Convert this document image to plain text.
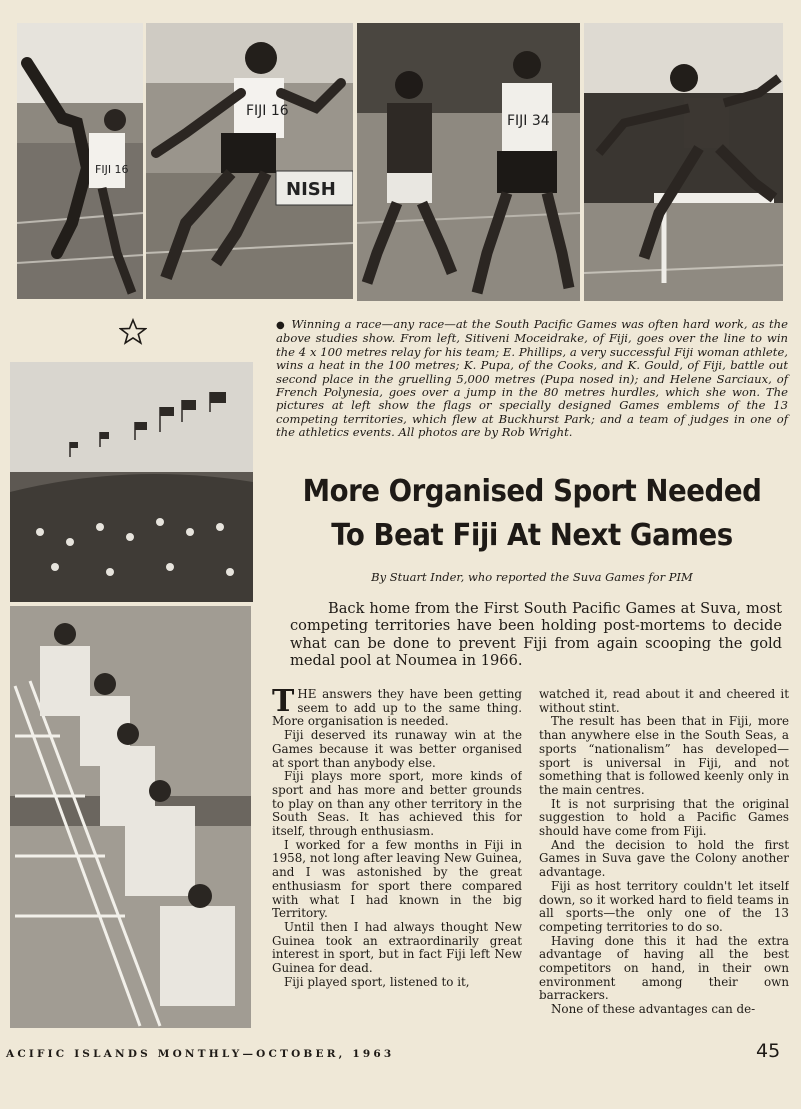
FIJI 16
NISH
FIJI 16
FIJI 34

● Winning a race—any race—at the South Pacific Games was often hard work, as the above studies show. From left, Sitiveni Moceidrake, of Fiji, goes over the line to win the 4 x 100 metres relay for his team; E. Phillips, a very successful Fiji woman athlete, wins a heat in the 100 metres; K. Pupa, of the Cooks, and K. Gould, of Fiji, battle out second place in the gruelling 5,000 metres (Pupa nosed in); and Helene Sarciaux, of French Polynesia, goes over a jump in the 80 metres hurdles, which she won. The pictures at left show the flags or specially designed Games emblems of the 13 competing territories, which flew at Buckhurst Park; and a team of judges in one of the athletics events. All photos are by Rob Wright.

More Organised Sport Needed
To Beat Fiji At Next Games

By Stuart Inder, who reported the Suva Games for PIM

Back home from the First South Pacific Games at Suva, most competing territories have been holding post-mortems to decide what can be done to prevent Fiji from again scooping the gold medal pool at Noumea in 1966.

THE answers they have been getting seem to add up to the same thing. More organisation is needed.

Fiji deserved its runaway win at the Games because it was better organised at sport than anybody else.

Fiji plays more sport, more kinds of sport and has more and better grounds to play on than any other territory in the South Seas. It has achieved this for itself, through enthusiasm.

I worked for a few months in Fiji in 1958, not long after leaving New Guinea, and I was astonished by the great enthusiasm for sport there compared with what I had known in the big Territory.

Until then I had always thought New Guinea took an extraordinarily great interest in sport, but in fact Fiji left New Guinea for dead.

Fiji played sport, listened to it,

watched it, read about it and cheered it without stint.

The result has been that in Fiji, more than anywhere else in the South Seas, a sports “nationalism” has developed—sport is universal in Fiji, and not something that is followed keenly only in the main centres.

It is not surprising that the original suggestion to hold a Pacific Games should have come from Fiji.

And the decision to hold the first Games in Suva gave the Colony another advantage.

Fiji as host territory couldn't let itself down, so it worked hard to field teams in all sports—the only one of the 13 competing territories to do so.

Having done this it had the extra advantage of having all the best competitors on hand, in their own environment among their own barrackers.

None of these advantages can de-

ACIFIC ISLANDS MONTHLY—OCTOBER, 1963	45
